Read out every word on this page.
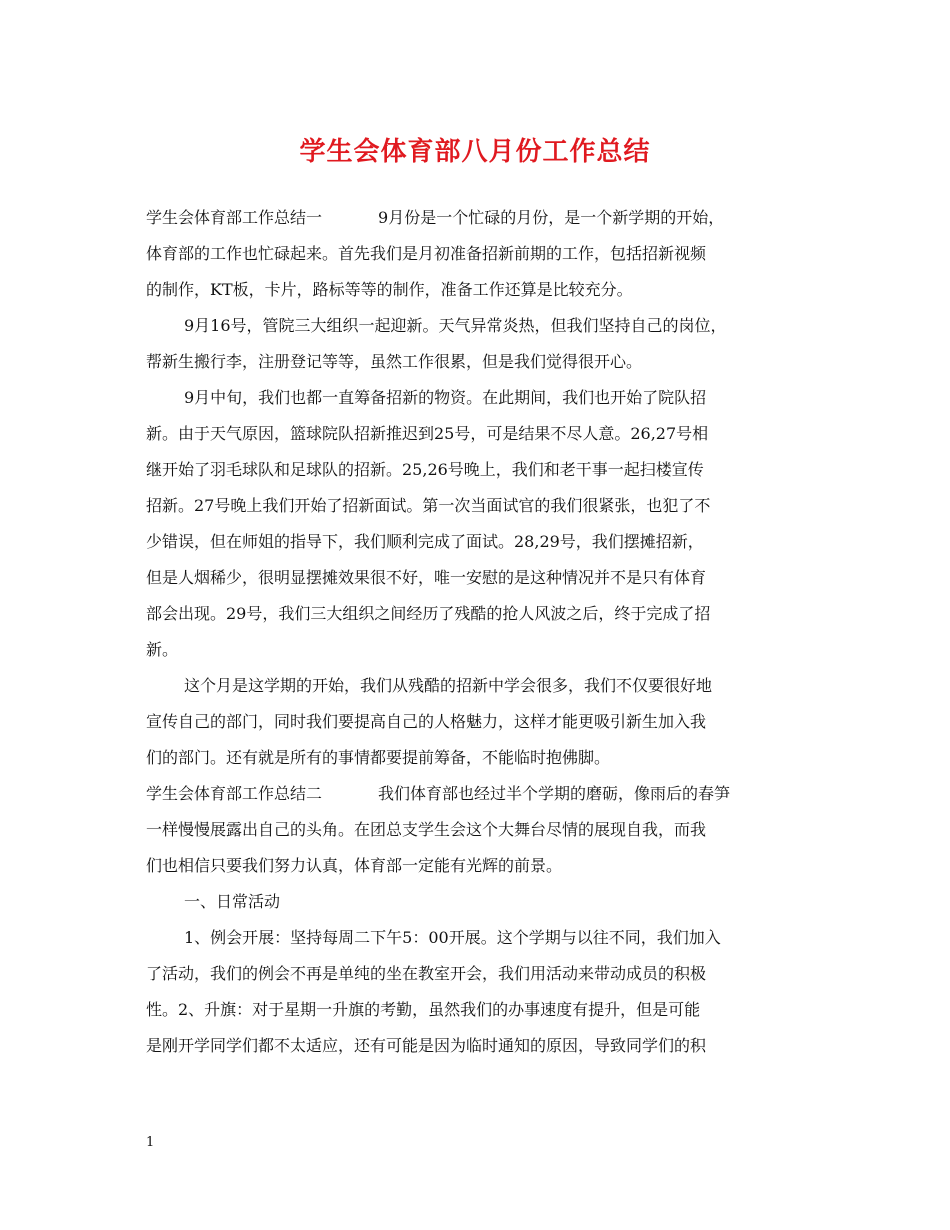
学生会体育部八月份工作总结
学生会体育部工作总结一	9月份是一个忙碌的月份，是一个新学期的开始，
体育部的工作也忙碌起来。首先我们是月初准备招新前期的工作，包括招新视频
的制作，KT板，卡片，路标等等的制作，准备工作还算是比较充分。
9月16号，管院三大组织一起迎新。天气异常炎热，但我们坚持自己的岗位，
帮新生搬行李，注册登记等等，虽然工作很累，但是我们觉得很开心。
9月中旬，我们也都一直筹备招新的物资。在此期间，我们也开始了院队招
新。由于天气原因，篮球院队招新推迟到25号，可是结果不尽人意。26,27号相
继开始了羽毛球队和足球队的招新。25,26号晚上，我们和老干事一起扫楼宣传
招新。27号晚上我们开始了招新面试。第一次当面试官的我们很紧张，也犯了不
少错误，但在师姐的指导下，我们顺利完成了面试。28,29号，我们摆摊招新，
但是人烟稀少，很明显摆摊效果很不好，唯一安慰的是这种情况并不是只有体育
部会出现。29号，我们三大组织之间经历了残酷的抢人风波之后，终于完成了招
新。
这个月是这学期的开始，我们从残酷的招新中学会很多，我们不仅要很好地
宣传自己的部门，同时我们要提高自己的人格魅力，这样才能更吸引新生加入我
们的部门。还有就是所有的事情都要提前筹备，不能临时抱佛脚。
学生会体育部工作总结二	我们体育部也经过半个学期的磨砺，像雨后的春笋
一样慢慢展露出自己的头角。在团总支学生会这个大舞台尽情的展现自我，而我
们也相信只要我们努力认真，体育部一定能有光辉的前景。
一、日常活动
1、例会开展：坚持每周二下午5：00开展。这个学期与以往不同，我们加入
了活动，我们的例会不再是单纯的坐在教室开会，我们用活动来带动成员的积极
性。2、升旗：对于星期一升旗的考勤，虽然我们的办事速度有提升，但是可能
是刚开学同学们都不太适应，还有可能是因为临时通知的原因，导致同学们的积
1
